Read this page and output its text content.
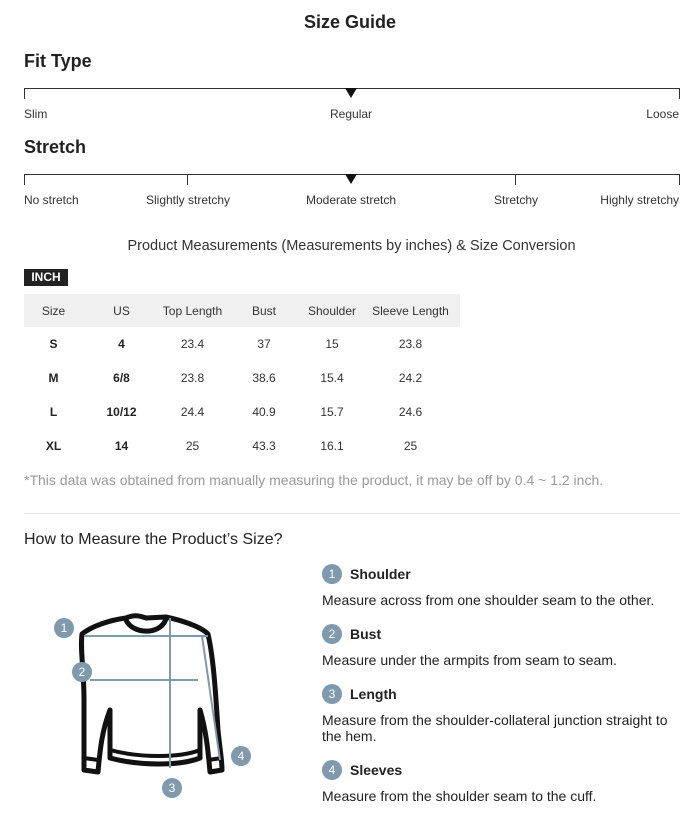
Size Guide
Fit Type
Slim	Regular	Loose
Stretch
No stretch	Slightly stretchy	Moderate stretch	Stretchy	Highly stretchy
Product Measurements (Measurements by inches) & Size Conversion
INCH
Size	US	Top Length	Bust	Shoulder	Sleeve Length
S	4	23.4	37	15	23.8
M	6/8	23.8	38.6	15.4	24.2
L	10/12	24.4	40.9	15.7	24.6
XL	14	25	43.3	16.1	25
*This data was obtained from manually measuring the product, it may be off by 0.4 ~ 1.2 inch.
How to Measure the Product’s Size?
1
2
3
4
1	Shoulder
Measure across from one shoulder seam to the other.
2	Bust
Measure under the armpits from seam to seam.
3	Length
Measure from the shoulder-collateral junction straight to the hem.
4	Sleeves
Measure from the shoulder seam to the cuff.
